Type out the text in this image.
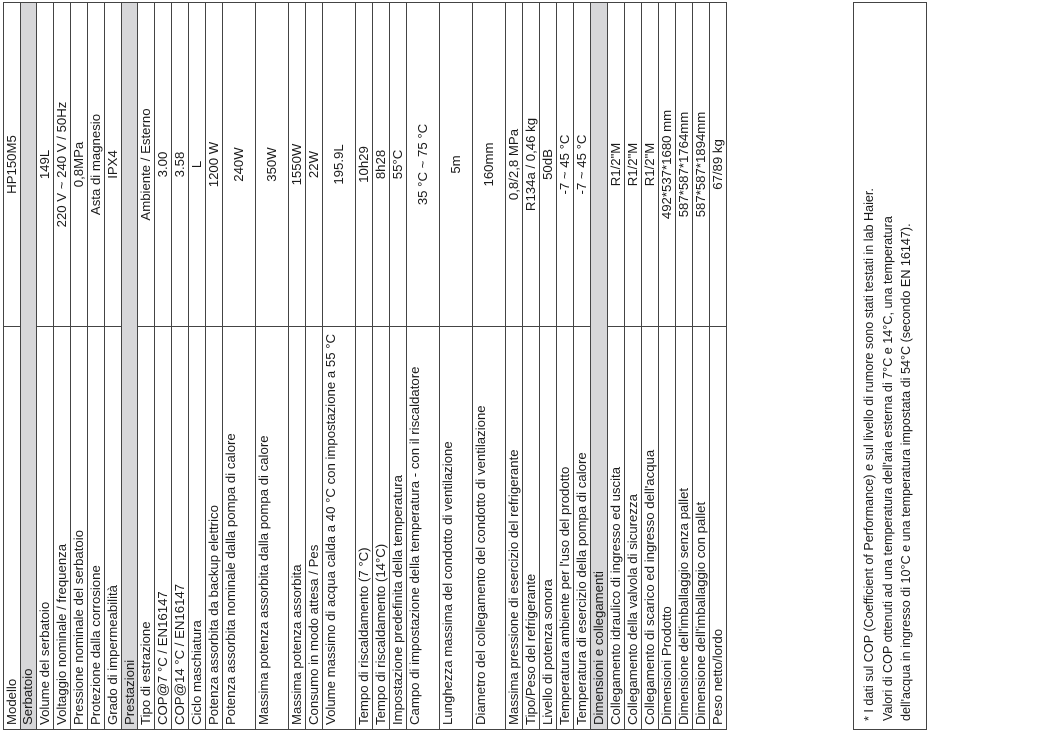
Modello
HP150M5
Serbatoio Volume del serbatoio
149L
Voltaggio nominale / frequenza
220 V ~ 240 V / 50Hz
Pressione nominale del serbatoio
0,8MPa
Protezione dalla corrosione
Asta di magnesio
Grado di impermeabilità
IPX4
Prestazioni Tipo di estrazione
Ambiente / Esterno
COP@7 °C / EN16147
3.00
COP@14 °C / EN16147
3.58
Ciclo maschiatura
L
Potenza assorbita da backup elettrico
1200 W
Potenza assorbita nominale dalla pompa di calore
240W
Massima potenza assorbita dalla pompa di calore
350W
Massima potenza assorbita
1550W
Consumo in modo attesa / Pes
22W
Volume massimo di acqua calda a 40 °C con impostazione a 55 °C
195.9L
Tempo di riscaldamento (7 °C)
10h29
Tempo di riscaldamento (14°C)
8h28
Impostazione predefinita della temperatura
55°C
Campo di impostazione della temperatura - con il riscaldatore
35 °C ~ 75 °C
Lunghezza massima del condotto di ventilazione
5m
Diametro del collegamento del condotto di ventilazione
160mm
Massima pressione di esercizio del refrigerante
0,8/2,8 MPa
Tipo/Peso del refrigerante
R134a / 0,46 kg
Livello di potenza sonora
50dB
Temperatura ambiente per l'uso del prodotto
-7 ~ 45 °C
Temperatura di esercizio della pompa di calore
-7 ~ 45 °C
Dimensioni e collegamenti Collegamento idraulico di ingresso ed uscita
R1/2"M
Collegamento della valvola di sicurezza
R1/2"M
Collegamento di scarico ed ingresso dell'acqua
R1/2"M
Dimensioni Prodotto
492*537*1680 mm
Dimensione dell'imballaggio senza pallet
587*587*1764mm
Dimensione dell'imballaggio con pallet
587*587*1894mm
Peso netto/lordo
67/89 kg

* I dati sul COP (Coefficient of Performance) e sul livello di rumore sono stati testati in lab Haier. Valori di COP ottenuti ad una temperatura dell'aria esterna di 7°C e 14°C, una temperatura dell'acqua in ingresso di 10°C e una temperatura impostata di 54°C (secondo EN 16147).
